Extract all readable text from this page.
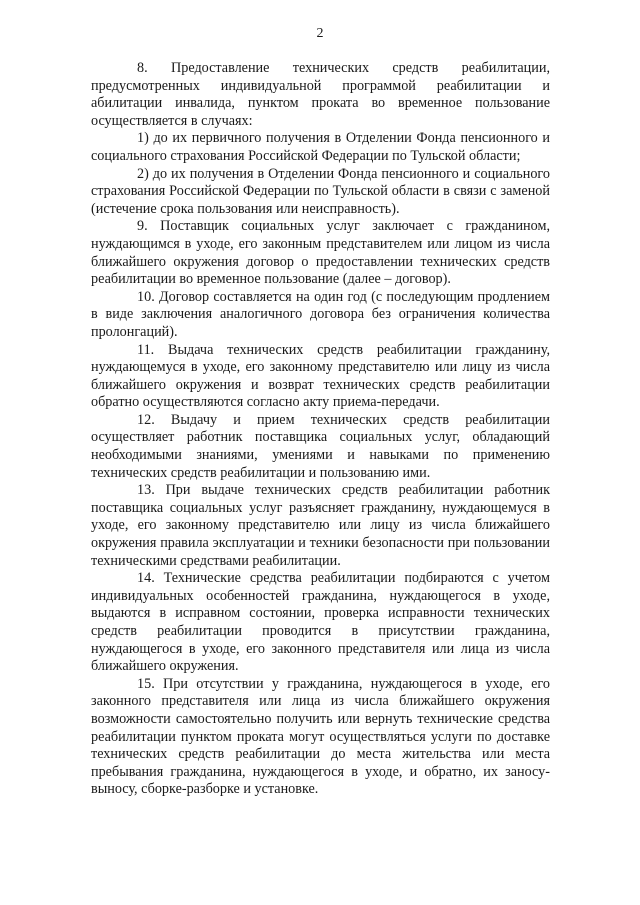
2

8. Предоставление технических средств реабилитации, предусмотренных индивидуальной программой реабилитации и абилитации инвалида, пунктом проката во временное пользование осуществляется в случаях:

1) до их первичного получения в Отделении Фонда пенсионного и социального страхования Российской Федерации по Тульской области;

2) до их получения в Отделении Фонда пенсионного и социального страхования Российской Федерации по Тульской области в связи с заменой (истечение срока пользования или неисправность).

9. Поставщик социальных услуг заключает с гражданином, нуждающимся в уходе, его законным представителем или лицом из числа ближайшего окружения договор о предоставлении технических средств реабилитации во временное пользование (далее – договор).

10. Договор составляется на один год (с последующим продлением в виде заключения аналогичного договора без ограничения количества пролонгаций).

11. Выдача технических средств реабилитации гражданину, нуждающемуся в уходе, его законному представителю или лицу из числа ближайшего окружения и возврат технических средств реабилитации обратно осуществляются согласно акту приема-передачи.

12. Выдачу и прием технических средств реабилитации осуществляет работник поставщика социальных услуг, обладающий необходимыми знаниями, умениями и навыками по применению технических средств реабилитации и пользованию ими.

13. При выдаче технических средств реабилитации работник поставщика социальных услуг разъясняет гражданину, нуждающемуся в уходе, его законному представителю или лицу из числа ближайшего окружения правила эксплуатации и техники безопасности при пользовании техническими средствами реабилитации.

14. Технические средства реабилитации подбираются с учетом индивидуальных особенностей гражданина, нуждающегося в уходе, выдаются в исправном состоянии, проверка исправности технических средств реабилитации проводится в присутствии гражданина, нуждающегося в уходе, его законного представителя или лица из числа ближайшего окружения.

15. При отсутствии у гражданина, нуждающегося в уходе, его законного представителя или лица из числа ближайшего окружения возможности самостоятельно получить или вернуть технические средства реабилитации пунктом проката могут осуществляться услуги по доставке технических средств реабилитации до места жительства или места пребывания гражданина, нуждающегося в уходе, и обратно, их заносу-выносу, сборке-разборке и установке.
